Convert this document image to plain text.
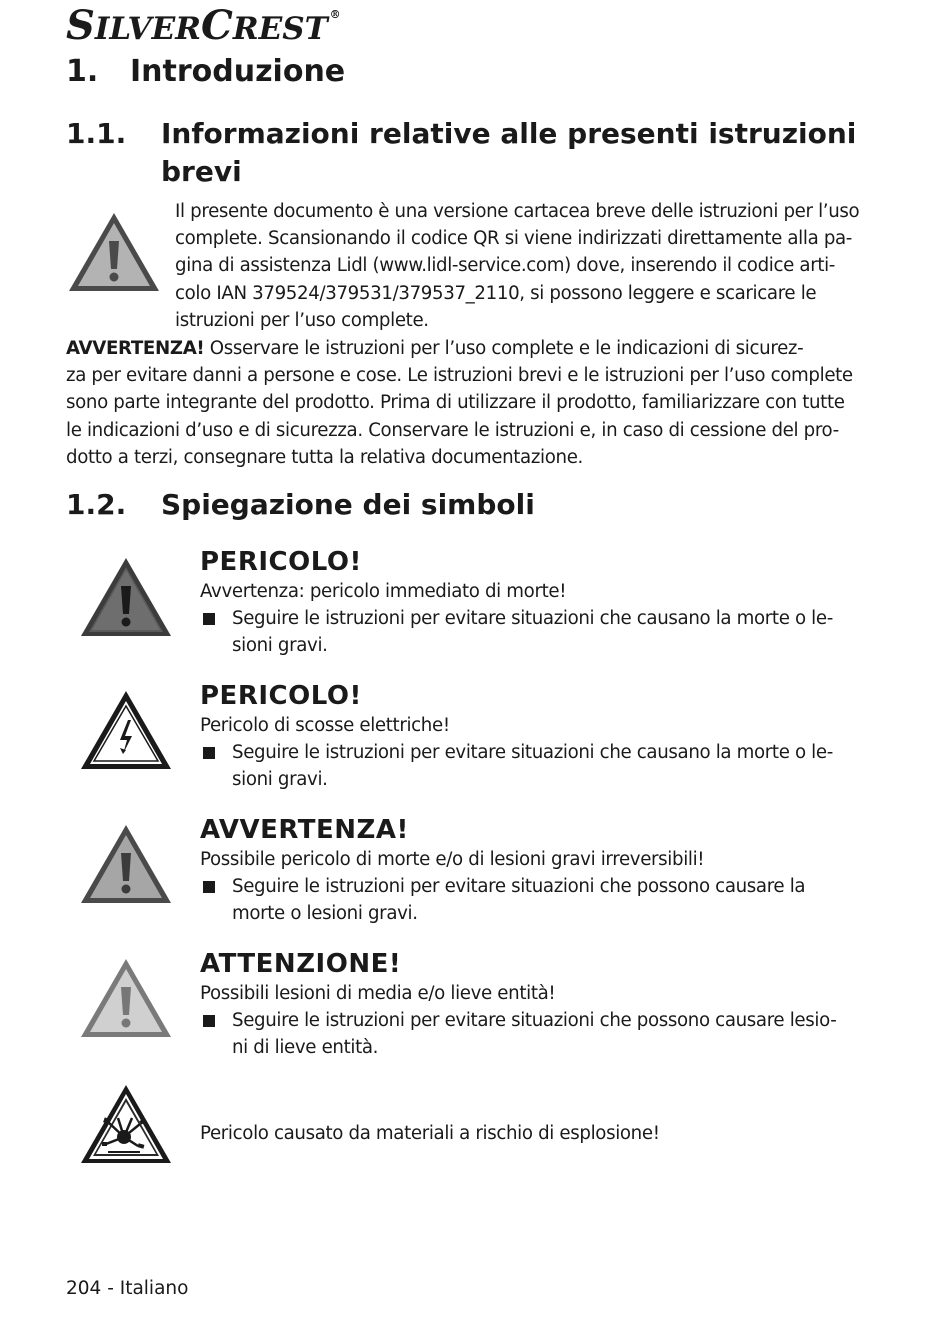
SILVERCREST ®
1. Introduzione
1.1. Informazioni relative alle presenti istruzioni
brevi

Il presente documento è una versione cartacea breve delle istruzioni per l’uso

complete. Scansionando il codice QR si viene indirizzati direttamente alla pa-

gina di assistenza Lidl (www.lidl-service.com) dove, inserendo il codice arti-

colo IAN 379524/379531/379537_2110, si possono leggere e scaricare le

istruzioni per l’uso complete.

AVVERTENZA! Osservare le istruzioni per l’uso complete e le indicazioni di sicurez-

za per evitare danni a persone e cose. Le istruzioni brevi e le istruzioni per l’uso complete

sono parte integrante del prodotto. Prima di utilizzare il prodotto, familiarizzare con tutte

le indicazioni d’uso e di sicurezza. Conservare le istruzioni e, in caso di cessione del pro-

dotto a terzi, consegnare tutta la relativa documentazione.

1.2. Spiegazione dei simboli
PERICOLO!
Avvertenza: pericolo immediato di morte!
Seguire le istruzioni per evitare situazioni che causano la morte o le-
sioni gravi.
PERICOLO!
Pericolo di scosse elettriche!
Seguire le istruzioni per evitare situazioni che causano la morte o le-
sioni gravi.
AVVERTENZA!
Possibile pericolo di morte e/o di lesioni gravi irreversibili!
Seguire le istruzioni per evitare situazioni che possono causare la
morte o lesioni gravi.
ATTENZIONE!
Possibili lesioni di media e/o lieve entità!
Seguire le istruzioni per evitare situazioni che possono causare lesio-
ni di lieve entità.
Pericolo causato da materiali a rischio di esplosione!
204 - Italiano
